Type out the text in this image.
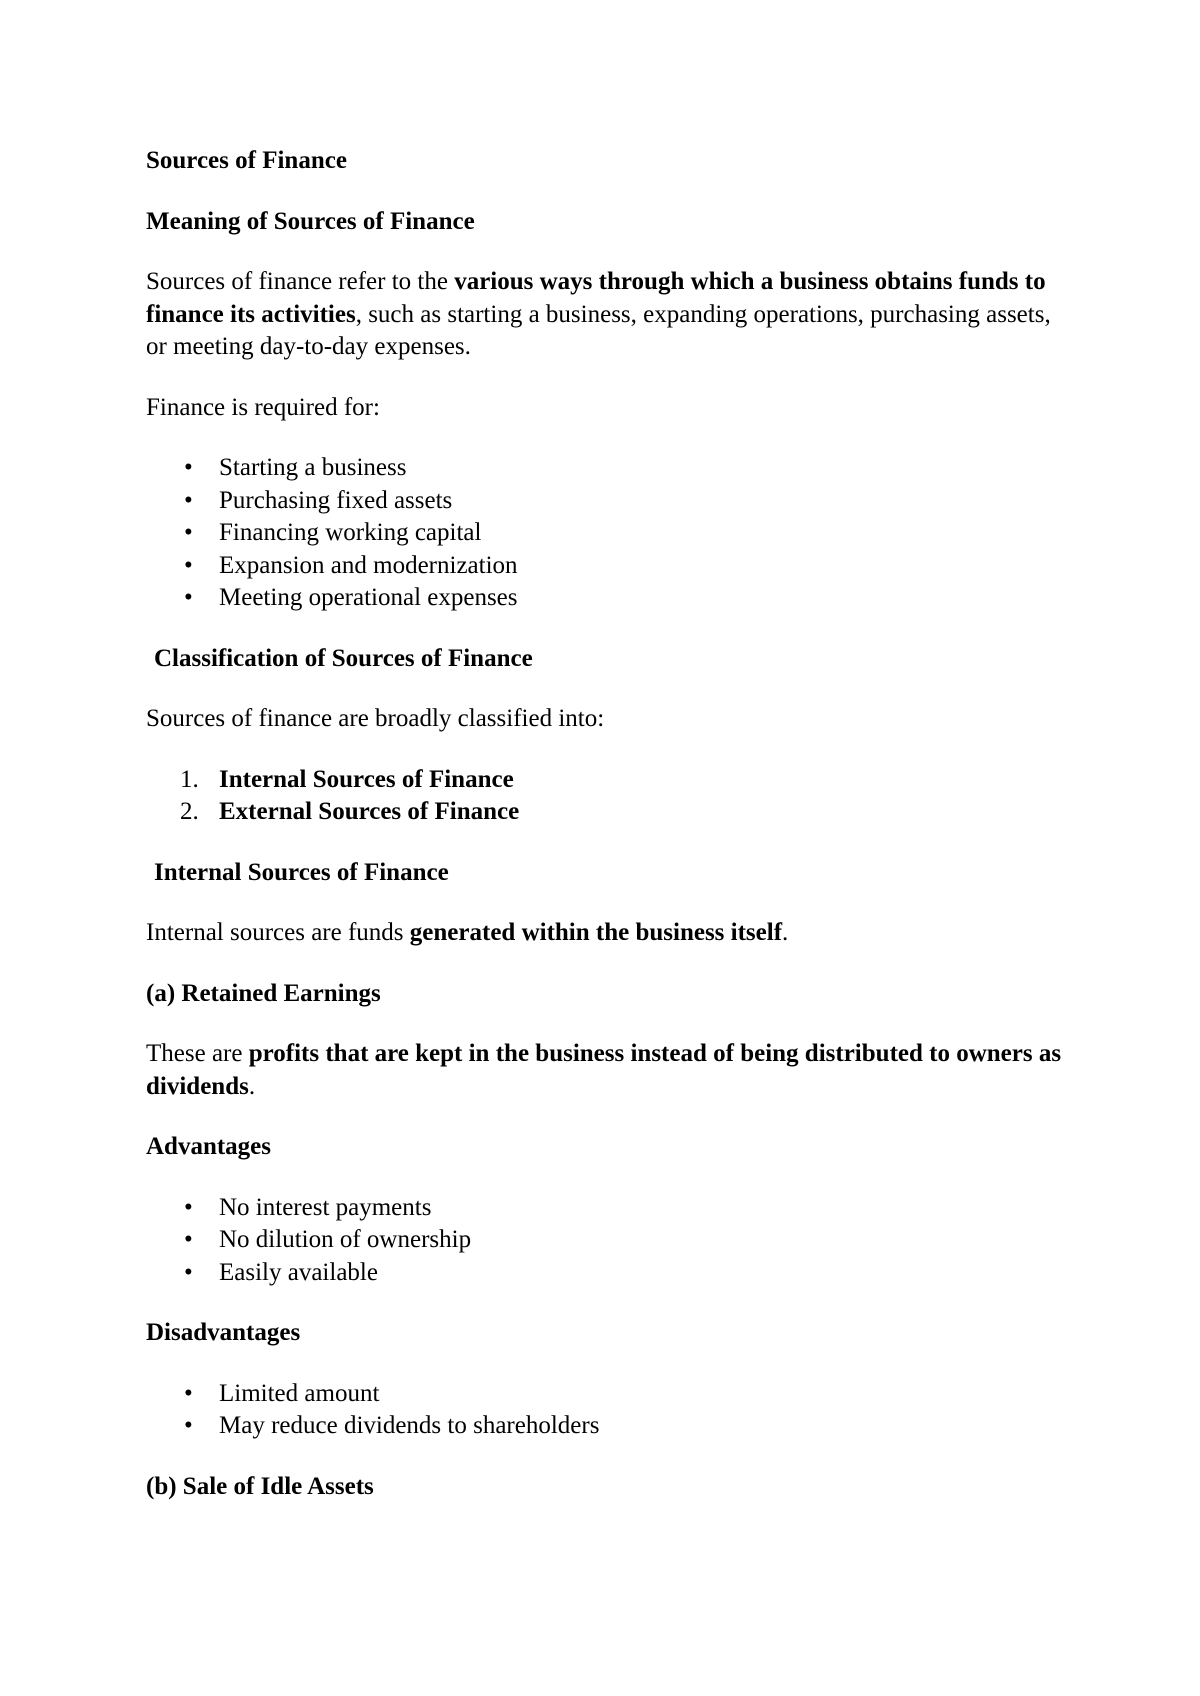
Sources of Finance
Meaning of Sources of Finance

Sources of finance refer to the various ways through which a business obtains funds to finance its activities, such as starting a business, expanding operations, purchasing assets, or meeting day-to-day expenses.

Finance is required for:

• Starting a business
• Purchasing fixed assets
• Financing working capital
• Expansion and modernization
• Meeting operational expenses
Classification of Sources of Finance

Sources of finance are broadly classified into:

1. Internal Sources of Finance
2. External Sources of Finance
Internal Sources of Finance

Internal sources are funds generated within the business itself.

(a) Retained Earnings

These are profits that are kept in the business instead of being distributed to owners as dividends.

Advantages
• No interest payments
• No dilution of ownership
• Easily available
Disadvantages
• Limited amount
• May reduce dividends to shareholders
(b) Sale of Idle Assets
